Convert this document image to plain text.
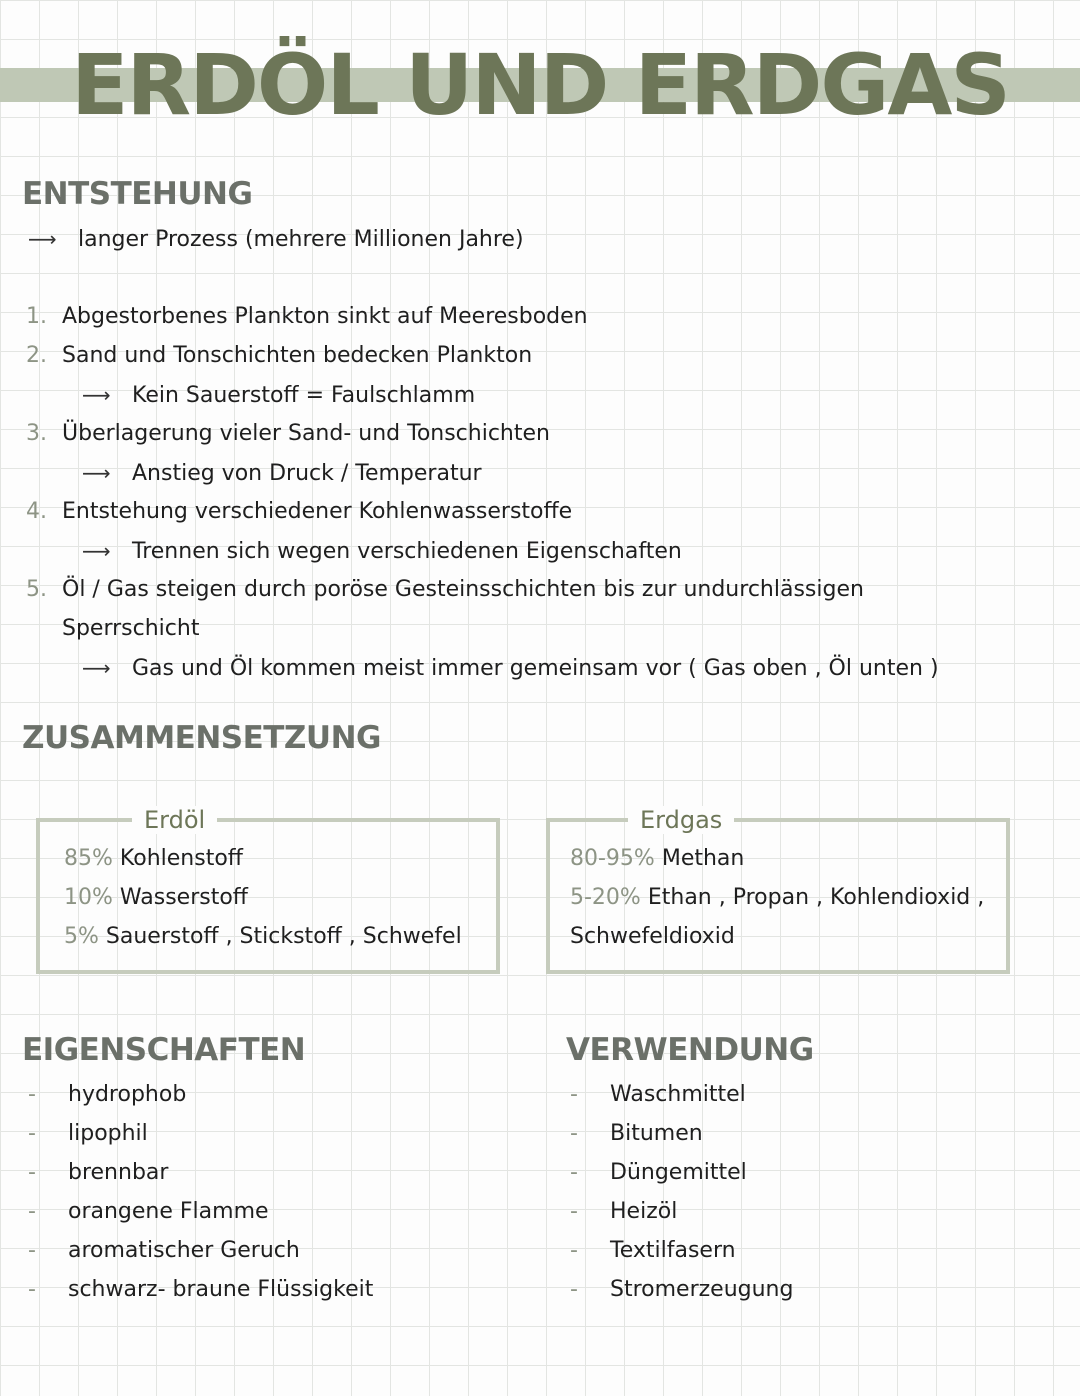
ERDÖL UND ERDGAS
ENTSTEHUNG
⟶ langer Prozess (mehrere Millionen Jahre)
1. Abgestorbenes Plankton sinkt auf Meeresboden
2. Sand und Tonschichten bedecken Plankton
⟶ Kein Sauerstoff = Faulschlamm
3. Überlagerung vieler Sand- und Tonschichten
⟶ Anstieg von Druck / Temperatur
4. Entstehung verschiedener Kohlenwasserstoffe
⟶ Trennen sich wegen verschiedenen Eigenschaften
5. Öl / Gas steigen durch poröse Gesteinsschichten bis zur undurchlässigen
Sperrschicht
⟶ Gas und Öl kommen meist immer gemeinsam vor ( Gas oben , Öl unten )
ZUSAMMENSETZUNG
Erdöl
85% Kohlenstoff
10% Wasserstoff
5% Sauerstoff , Stickstoff , Schwefel
Erdgas
80-95% Methan
5-20% Ethan , Propan , Kohlendioxid ,
Schwefeldioxid
EIGENSCHAFTEN
- hydrophob
- lipophil
- brennbar
- orangene Flamme
- aromatischer Geruch
- schwarz- braune Flüssigkeit
VERWENDUNG
- Waschmittel
- Bitumen
- Düngemittel
- Heizöl
- Textilfasern
- Stromerzeugung
